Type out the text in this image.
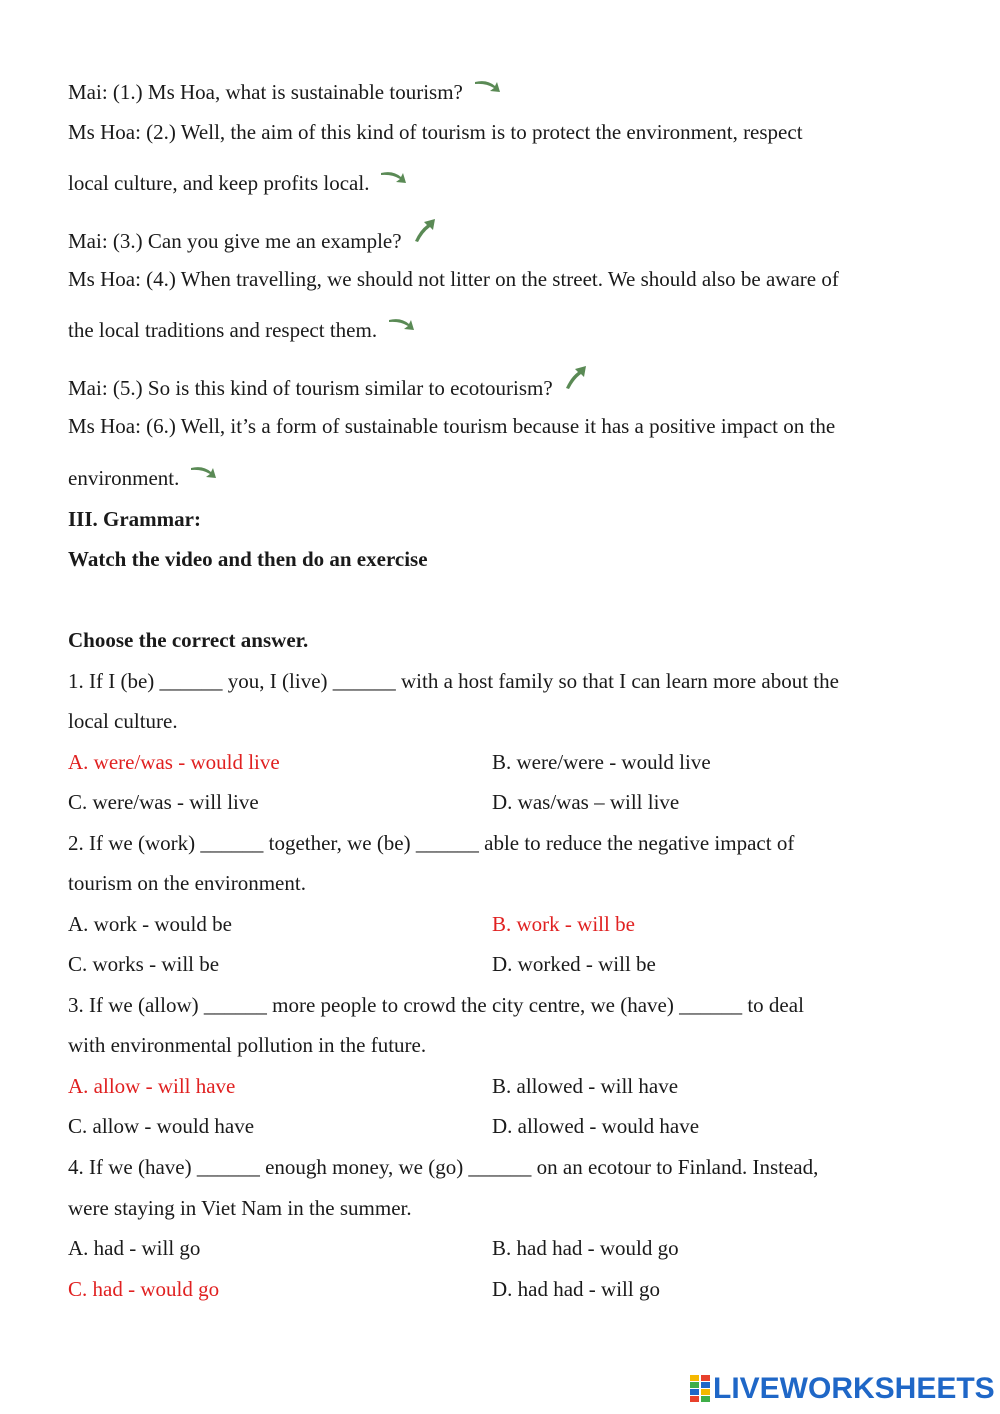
Mai: (1.) Ms Hoa, what is sustainable tourism?
Ms Hoa: (2.) Well, the aim of this kind of tourism is to protect the environment, respect
local culture, and keep profits local.
Mai: (3.) Can you give me an example?
Ms Hoa: (4.) When travelling, we should not litter on the street. We should also be aware of
the local traditions and respect them.
Mai: (5.) So is this kind of tourism similar to ecotourism?
Ms Hoa: (6.) Well, it’s a form of sustainable tourism because it has a positive impact on the
environment.
III. Grammar:
Watch the video and then do an exercise
Choose the correct answer.
1. If I (be) ______ you, I (live) ______ with a host family so that I can learn more about the
local culture.
A. were/was - would live	B. were/were - would live
C. were/was - will live	D. was/was – will live
2. If we (work) ______ together, we (be) ______ able to reduce the negative impact of
tourism on the environment.
A. work - would be	B. work - will be
C. works - will be	D. worked - will be
3. If we (allow) ______ more people to crowd the city centre, we (have) ______ to deal
with environmental pollution in the future.
A. allow - will have	B. allowed - will have
C. allow - would have	D. allowed - would have
4. If we (have) ______ enough money, we (go) ______ on an ecotour to Finland. Instead,
were staying in Viet Nam in the summer.
A. had - will go	B. had had - would go
C. had - would go	D. had had - will go
LIVEWORKSHEETS
